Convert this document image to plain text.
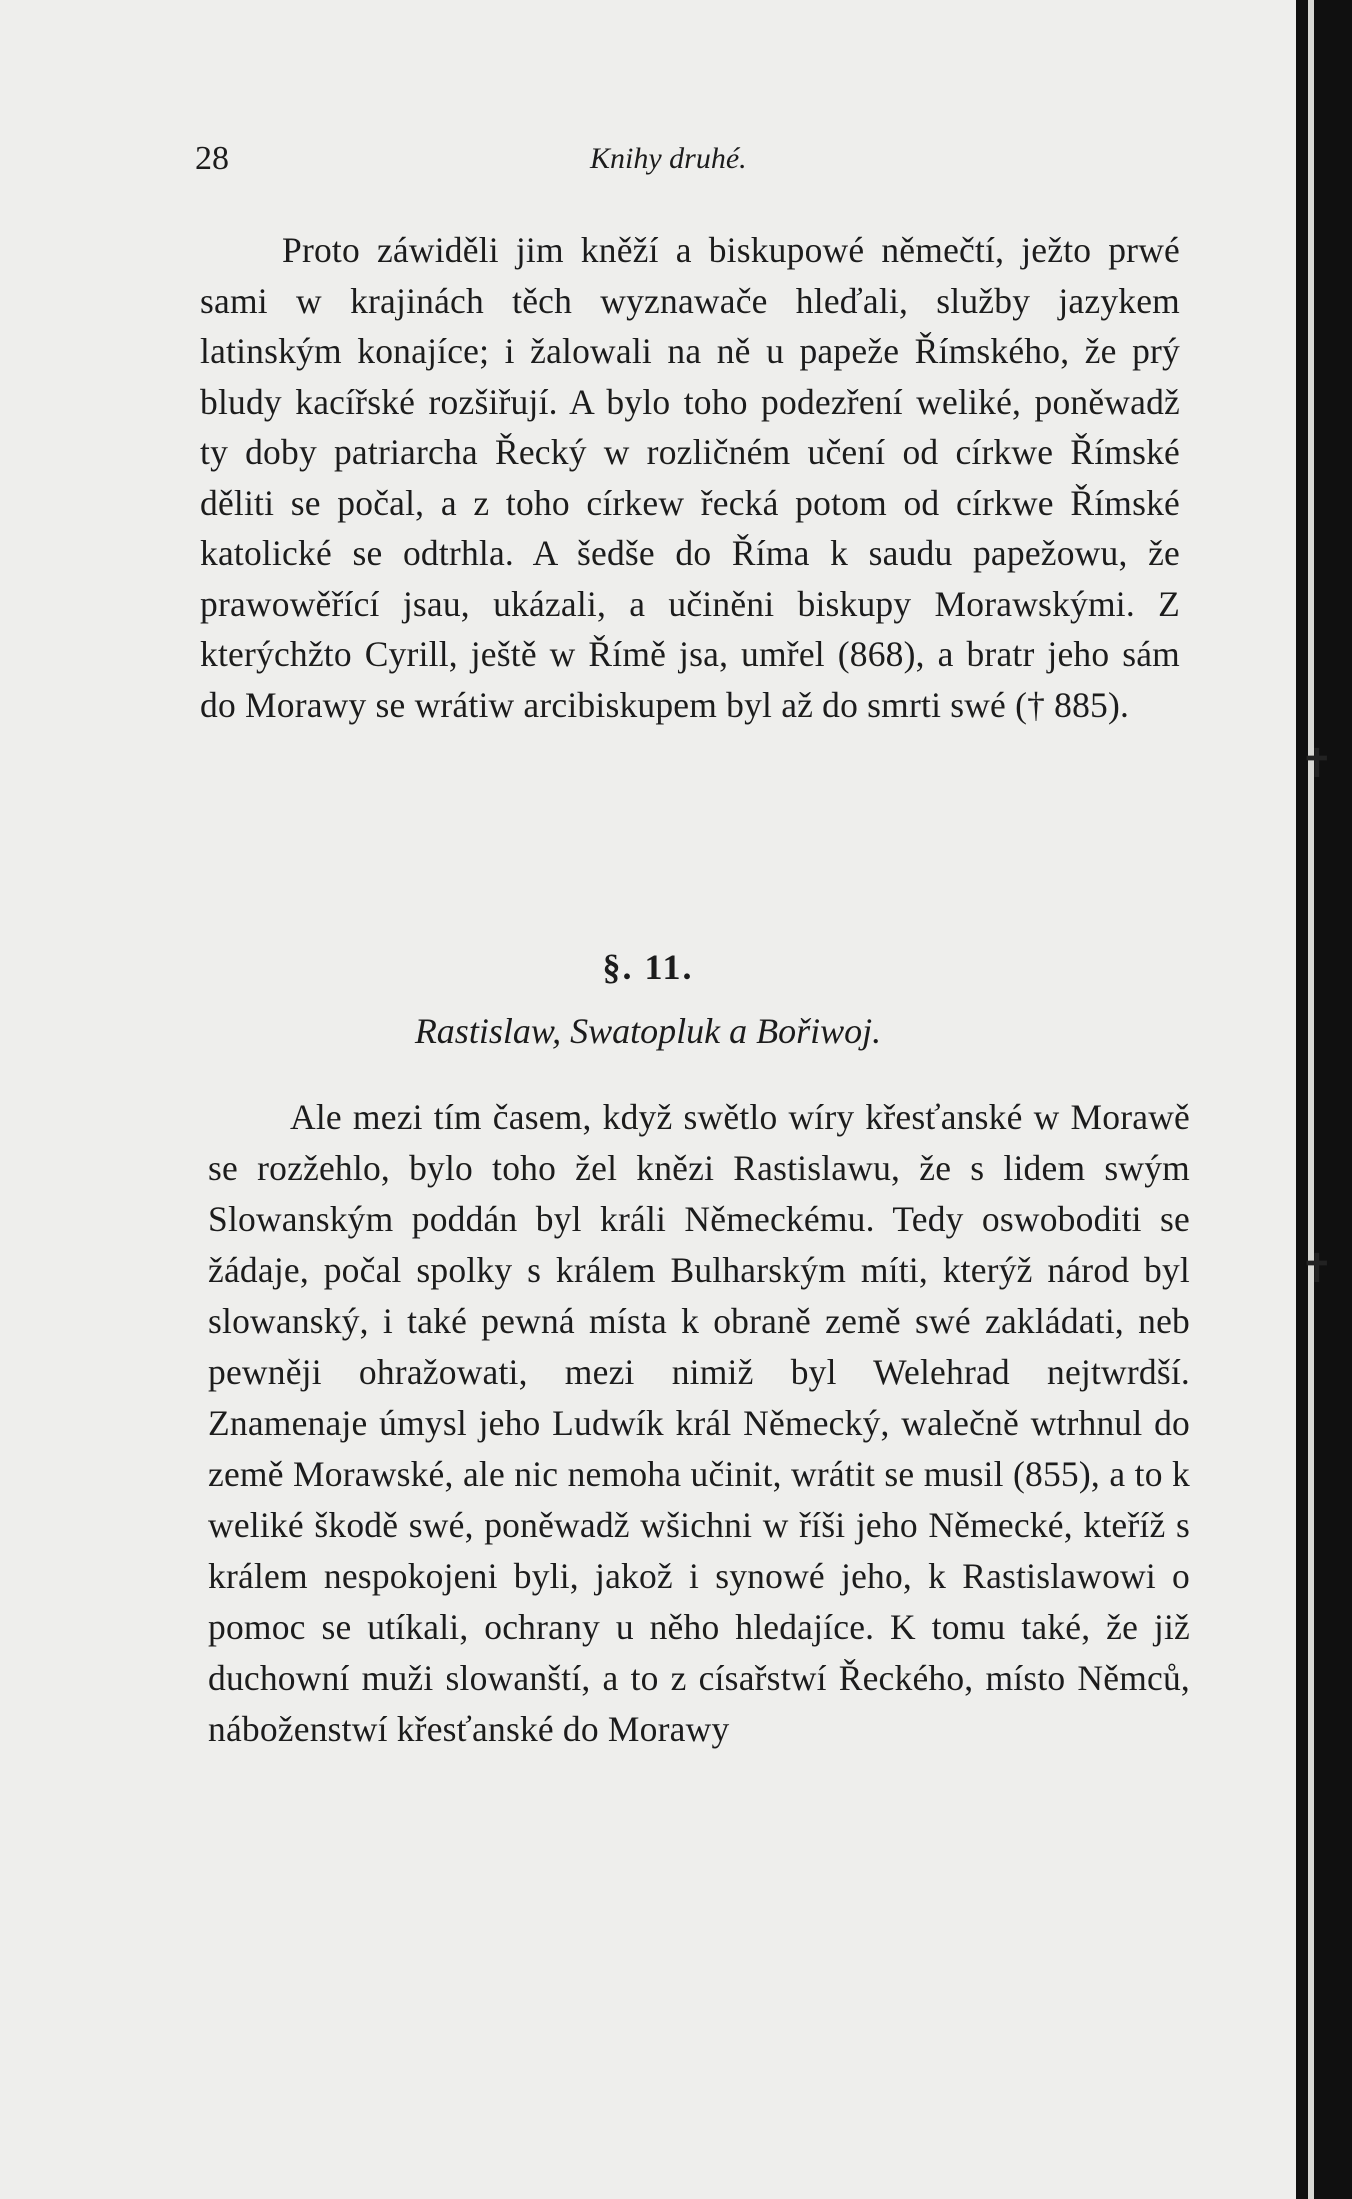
28	Knihy druhé.

Proto záwiděli jim kněží a biskupowé němečtí, ježto prwé sami w krajinách těch wyznawače hleďali, služby jazykem latinským konajíce; i žalowali na ně u papeže Římského, že prý bludy kacířské rozšiřují. A bylo toho podezření weliké, poněwadž ty doby patriarcha Řecký w rozličném učení od církwe Římské děliti se počal, a z toho církew řecká potom od církwe Římské katolické se odtrhla. A šedše do Říma k saudu papežowu, že prawowěřící jsau, ukázali, a učiněni biskupy Morawskými. Z kterýchžto Cyrill, ještě w Římě jsa, umřel (868), a bratr jeho sám do Morawy se wrátiw arcibiskupem byl až do smrti swé († 885).

§. 11.
Rastislaw, Swatopluk a Bořiwoj.

Ale mezi tím časem, když swětlo wíry křesťanské w Morawě se rozžehlo, bylo toho žel knězi Rastislawu, že s lidem swým Slowanským poddán byl králi Německému. Tedy oswoboditi se žádaje, počal spolky s králem Bulharským míti, kterýž národ byl slowanský, i také pewná místa k obraně země swé zakládati, neb pewněji ohražowati, mezi nimiž byl Welehrad nejtwrdší. Znamenaje úmysl jeho Ludwík král Německý, walečně wtrhnul do země Morawské, ale nic nemoha učinit, wrátit se musil (855), a to k weliké škodě swé, poněwadž wšichni w říši jeho Německé, kteříž s králem nespokojeni byli, jakož i synowé jeho, k Rastislawowi o pomoc se utíkali, ochrany u něho hledajíce. K tomu také, že již duchowní muži slowanští, a to z císařstwí Řeckého, místo Němců, náboženstwí křesťanské do Morawy

✝
✝
